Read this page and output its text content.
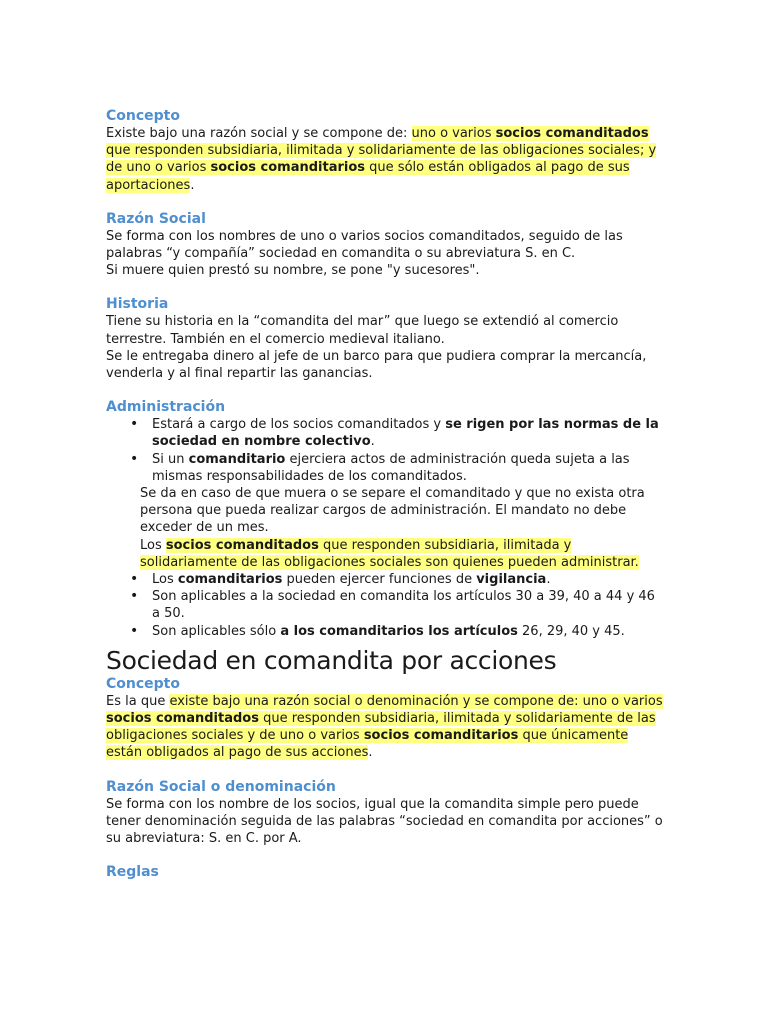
Concepto

Existe bajo una razón social y se compone de: uno o varios socios comanditados que responden subsidiaria, ilimitada y solidariamente de las obligaciones sociales; y de uno o varios socios comanditarios que sólo están obligados al pago de sus aportaciones.

Razón Social

Se forma con los nombres de uno o varios socios comanditados, seguido de las palabras “y compañía” sociedad en comandita o su abreviatura S. en C.

Si muere quien prestó su nombre, se pone "y sucesores".

Historia

Tiene su historia en la “comandita del mar” que luego se extendió al comercio terrestre. También en el comercio medieval italiano.

Se le entregaba dinero al jefe de un barco para que pudiera comprar la mercancía, venderla y al final repartir las ganancias.

Administración
• Estará a cargo de los socios comanditados y se rigen por las normas de la sociedad en nombre colectivo.
• Si un comanditario ejerciera actos de administración queda sujeta a las mismas responsabilidades de los comanditados.

Se da en caso de que muera o se separe el comanditado y que no exista otra persona que pueda realizar cargos de administración. El mandato no debe exceder de un mes.

Los socios comanditados que responden subsidiaria, ilimitada y solidariamente de las obligaciones sociales son quienes pueden administrar.

• Los comanditarios pueden ejercer funciones de vigilancia.
• Son aplicables a la sociedad en comandita los artículos 30 a 39, 40 a 44 y 46 a 50.
• Son aplicables sólo a los comanditarios los artículos 26, 29, 40 y 45.
Sociedad en comandita por acciones
Concepto

Es la que existe bajo una razón social o denominación y se compone de: uno o varios socios comanditados que responden subsidiaria, ilimitada y solidariamente de las obligaciones sociales y de uno o varios socios comanditarios que únicamente están obligados al pago de sus acciones.

Razón Social o denominación

Se forma con los nombre de los socios, igual que la comandita simple pero puede tener denominación seguida de las palabras “sociedad en comandita por acciones” o su abreviatura: S. en C. por A.

Reglas
